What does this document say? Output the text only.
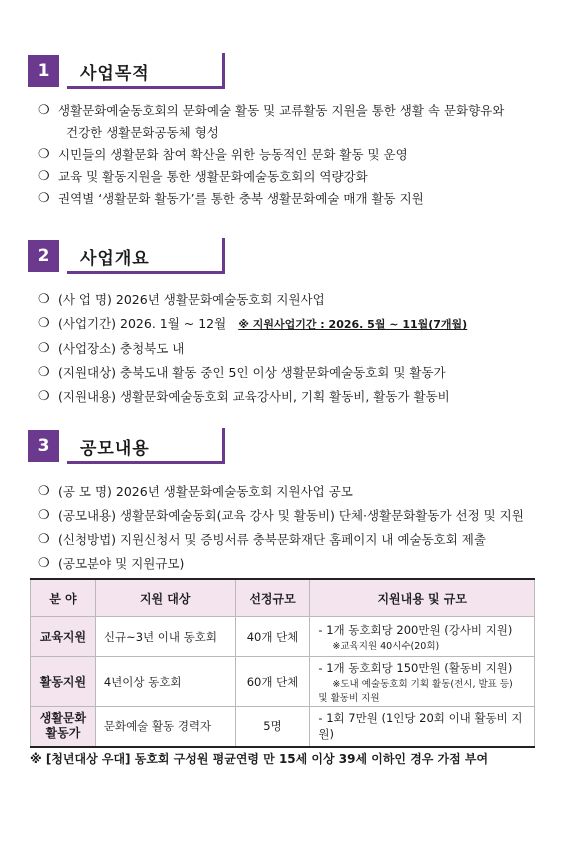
1	사업목적
❍ 생활문화예술동호회의 문화예술 활동 및 교류활동 지원을 통한 생활 속 문화향유와
건강한 생활문화공동체 형성
❍ 시민들의 생활문화 참여 확산을 위한 능동적인 문화 활동 및 운영
❍ 교육 및 활동지원을 통한 생활문화예술동호회의 역량강화
❍ 권역별 ‘생활문화 활동가’를 통한 충북 생활문화예술 매개 활동 지원
2	사업개요
❍ (사 업 명) 2026년 생활문화예술동호회 지원사업
❍ (사업기간) 2026. 1월 ~ 12월 ※ 지원사업기간 : 2026. 5월 ~ 11월(7개월)
❍ (사업장소) 충청북도 내
❍ (지원대상) 충북도내 활동 중인 5인 이상 생활문화예술동호회 및 활동가
❍ (지원내용) 생활문화예술동호회 교육강사비, 기획 활동비, 활동가 활동비
3	공모내용
❍ (공 모 명) 2026년 생활문화예술동호회 지원사업 공모
❍ (공모내용) 생활문화예술동회(교육 강사 및 활동비) 단체·생활문화활동가 선정 및 지원
❍ (신청방법) 지원신청서 및 증빙서류 충북문화재단 홈페이지 내 예술동호회 제출
❍ (공모분야 및 지원규모)
분 야	지원 대상	선정규모	지원내용 및 규모
교육지원	신규~3년 이내 동호회	40개 단체	- 1개 동호회당 200만원 (강사비 지원)
※교육지원 40시수(20회)

활동지원	4년이상 동호회	60개 단체	- 1개 동호회당 150만원 (활동비 지원)
※도내 예술동호회 기획 활동(전시, 발표 등)
및 활동비 지원

생활문화
활동가	문화예술 활동 경력자	5명	- 1회 7만원 (1인당 20회 이내 활동비 지원)
※ [청년대상 우대] 동호회 구성원 평균연령 만 15세 이상 39세 이하인 경우 가점 부여
